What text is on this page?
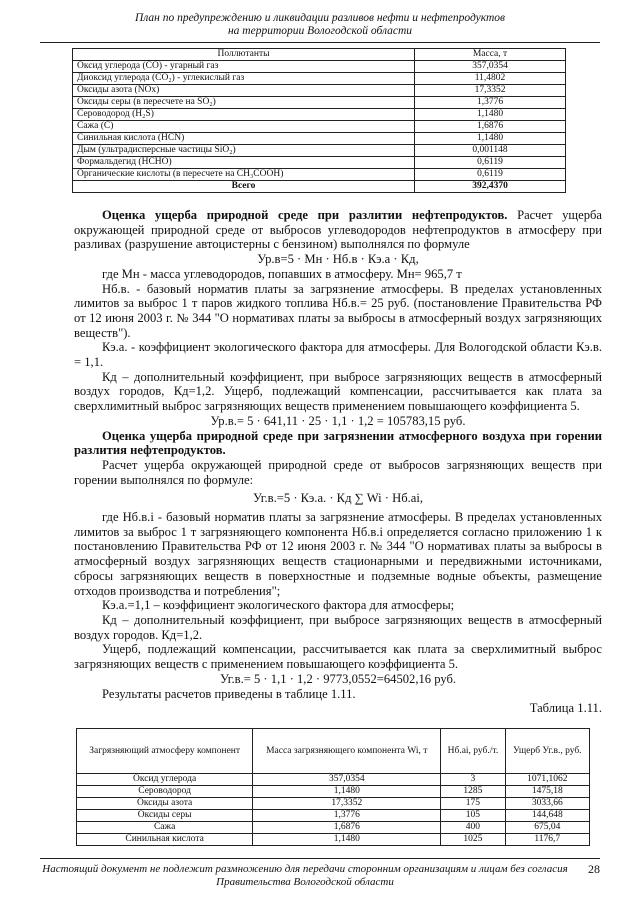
План по предупреждению и ликвидации разливов нефти и нефтепродуктов
на территории Вологодской области
Поллютанты	Масса, т
Оксид углерода (СО) - угарный газ	357,0354
Диоксид углерода (СО₂) - углекислый газ	11,4802
Оксиды азота (NOх)	17,3352
Оксиды серы (в пересчете на SO₂)	1,3776
Сероводород (Н₂S)	1,1480
Сажа (С)	1,6876
Синильная кислота (HCN)	1,1480
Дым (ультрадисперсные частицы SiO₂)	0,001148
Формальдегид (НСНО)	0,6119
Органические кислоты (в пересчете на СН₃СООН)	0,6119
Всего	392,4370

Оценка ущерба природной среде при разлитии нефтепродуктов. Расчет ущерба окружающей природной среде от выбросов углеводородов нефтепродуктов в атмосферу при разливах (разрушение автоцистерны с бензином) выполнялся по формуле

Ур.в=5 · Мн · Нб.в · Кэ.а · Кд,

где Мн - масса углеводородов, попавших в атмосферу. Мн= 965,7 т

Нб.в. - базовый норматив платы за загрязнение атмосферы. В пределах установленных лимитов за выброс 1 т паров жидкого топлива Нб.в.= 25 руб. (постановление Правительства РФ от 12 июня 2003 г. № 344 "О нормативах платы за выбросы в атмосферный воздух загрязняющих веществ").

Кэ.а. - коэффициент экологического фактора для атмосферы. Для Вологодской области Кэ.в. = 1,1.

Кд – дополнительный коэффициент, при выбросе загрязняющих веществ в атмосферный воздух городов, Кд=1,2. Ущерб, подлежащий компенсации, рассчитывается как плата за сверхлимитный выброс загрязняющих веществ применением повышающего коэффициента 5.

Ур.в.= 5 · 641,11 · 25 · 1,1 · 1,2 = 105783,15 руб.

Оценка ущерба природной среде при загрязнении атмосферного воздуха при горении разлития нефтепродуктов.

Расчет ущерба окружающей природной среде от выбросов загрязняющих веществ при горении выполнялся по формуле:

Уг.в.=5 · Кэ.а. · Кд ∑ Wi · Нб.аi,

где Нб.в.i - базовый норматив платы за загрязнение атмосферы. В пределах установленных лимитов за выброс 1 т загрязняющего компонента Нб.в.i определяется согласно приложению 1 к постановлению Правительства РФ от 12 июня 2003 г. № 344 "О нормативах платы за выбросы в атмосферный воздух загрязняющих веществ стационарными и передвижными источниками, сбросы загрязняющих веществ в поверхностные и подземные водные объекты, размещение отходов производства и потребления";

Кэ.а.=1,1 – коэффициент экологического фактора для атмосферы;

Кд – дополнительный коэффициент, при выбросе загрязняющих веществ в атмосферный воздух городов. Кд=1,2.

Ущерб, подлежащий компенсации, рассчитывается как плата за сверхлимитный выброс загрязняющих веществ с применением повышающего коэффициента 5.

Уг.в.= 5 · 1,1 · 1,2 · 9773,0552=64502,16 руб.

Результаты расчетов приведены в таблице 1.11.

Таблица 1.11.

Загрязняющий атмосферу компонент	Масса загрязняющего компонента Wi, т	Нб.ai, руб./т.	Ущерб Уг.в., руб.
Оксид углерода	357,0354	3	1071,1062
Сероводород	1,1480	1285	1475,18
Оксиды азота	17,3352	175	3033,66
Оксиды серы	1,3776	105	144,648
Сажа	1,6876	400	675,04
Синильная кислота	1,1480	1025	1176,7
Настоящий документ не подлежит размножению для передачи сторонним организациям и лицам без согласия Правительства Вологодской области
28
